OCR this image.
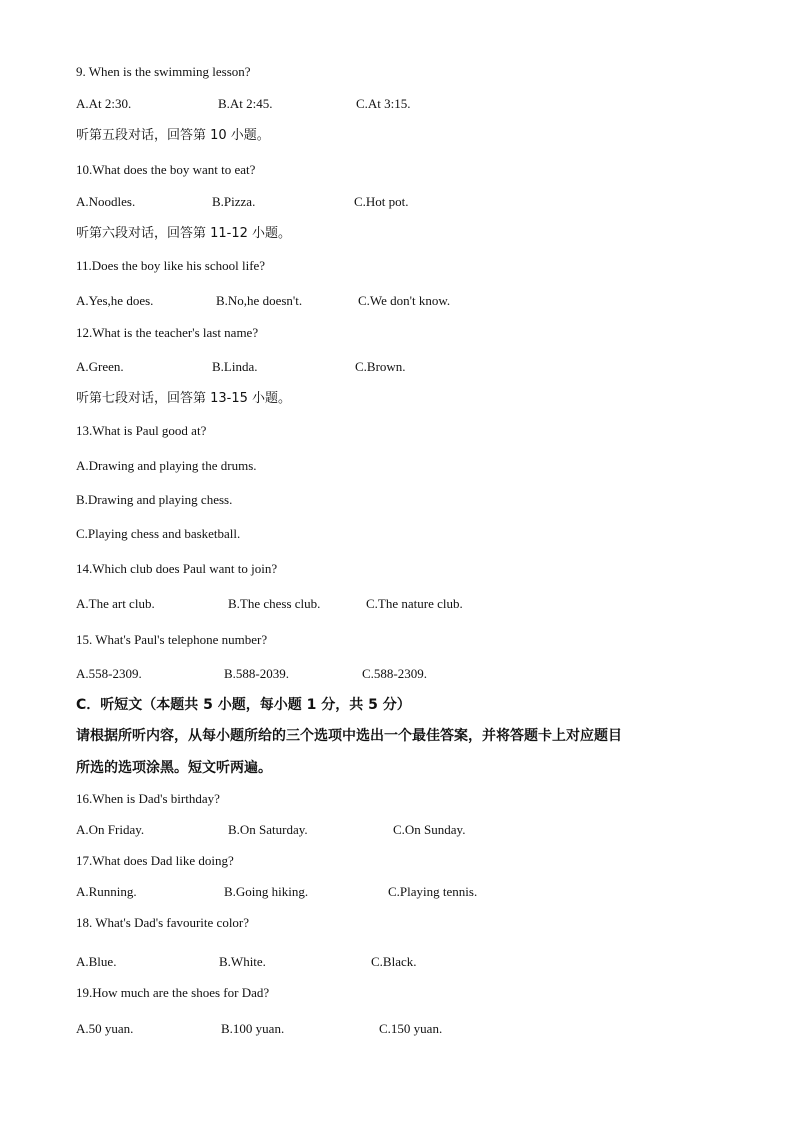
9. When is the swimming lesson?
A.At 2:30.	B.At 2:45.	C.At 3:15.
听第五段对话，回答第 10 小题。
10.What does the boy want to eat?
A.Noodles.	B.Pizza.	C.Hot pot.
听第六段对话，回答第 11-12 小题。
11.Does the boy like his school life?
A.Yes,he does.	B.No,he doesn't.	C.We don't know.
12.What is the teacher's last name?
A.Green.	B.Linda.	C.Brown.
听第七段对话，回答第 13-15 小题。
13.What is Paul good at?
A.Drawing and playing the drums.
B.Drawing and playing chess.
C.Playing chess and basketball.
14.Which club does Paul want to join?
A.The art club.	B.The chess club.	C.The nature club.
15. What's Paul's telephone number?
A.558-2309.	B.588-2039.	C.588-2309.
C．听短文（本题共 5 小题，每小题 1 分，共 5 分）
请根据所听内容，从每小题所给的三个选项中选出一个最佳答案，并将答题卡上对应题目
所选的选项涂黑。短文听两遍。
16.When is Dad's birthday?
A.On Friday.	B.On Saturday.	C.On Sunday.
17.What does Dad like doing?
A.Running.	B.Going hiking.	C.Playing tennis.
18. What's Dad's favourite color?
A.Blue.	B.White.	C.Black.
19.How much are the shoes for Dad?
A.50 yuan.	B.100 yuan.	C.150 yuan.
